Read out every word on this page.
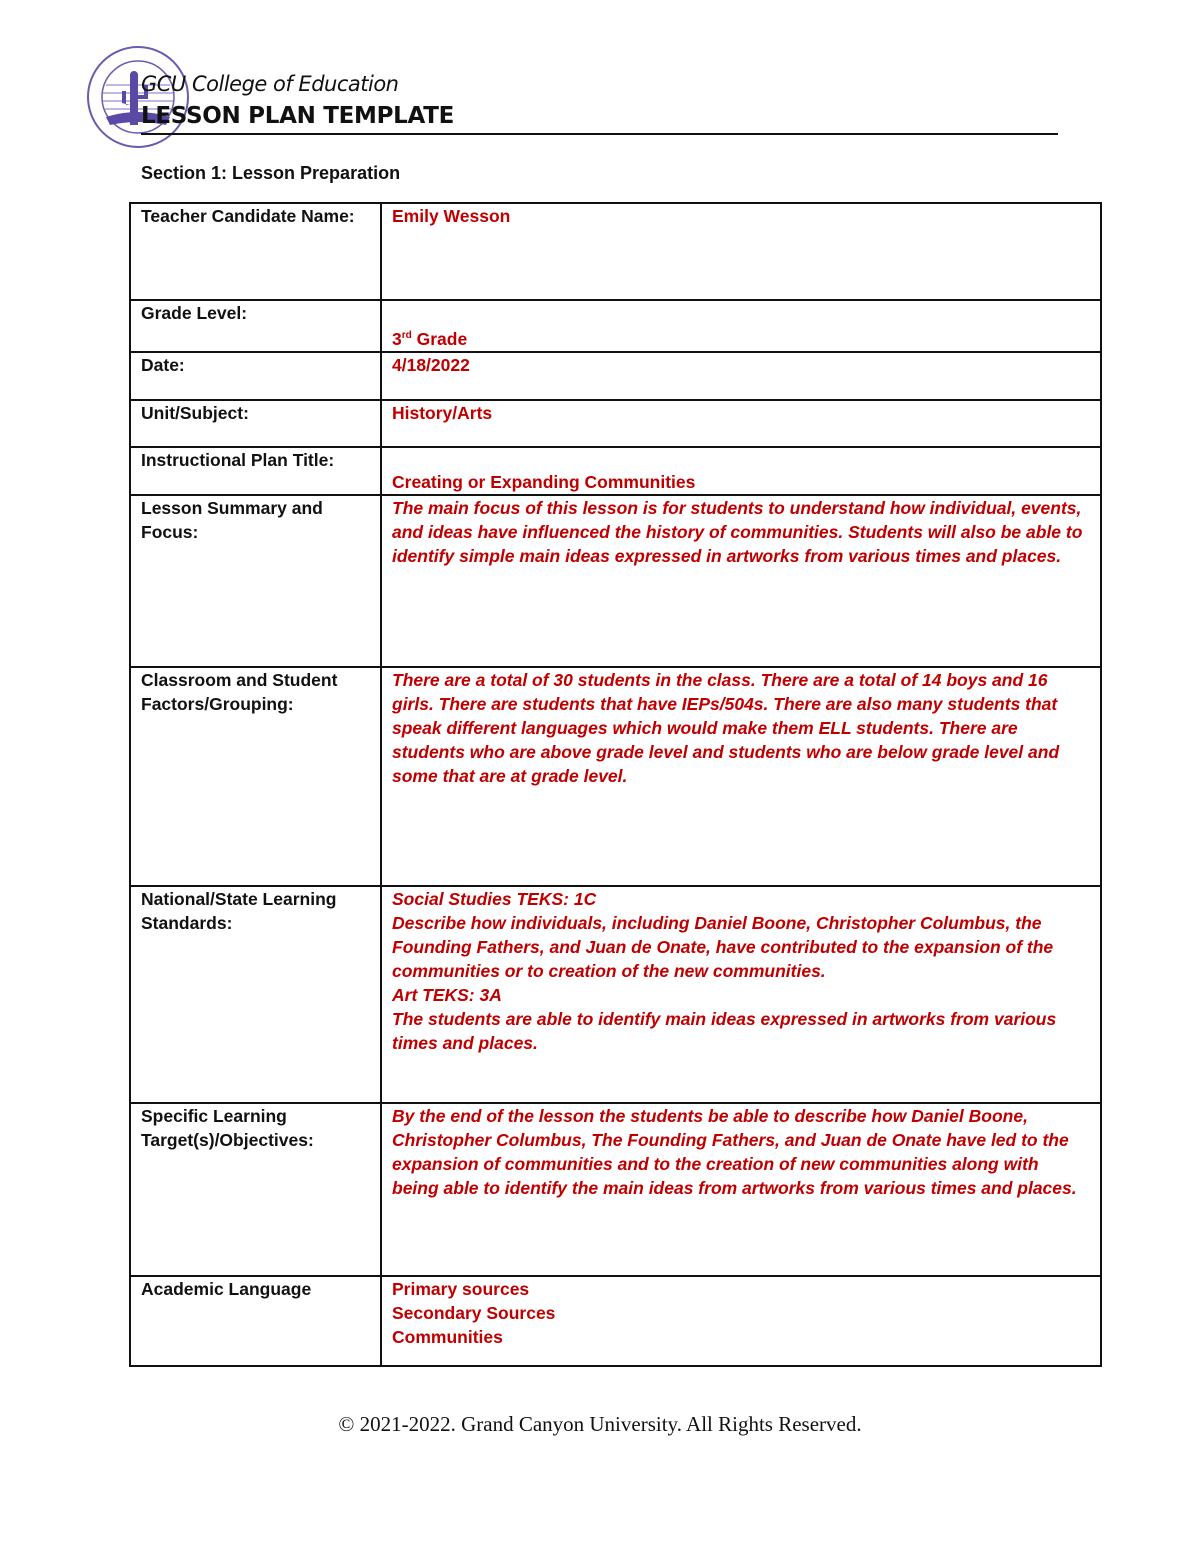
GCU College of Education
LESSON PLAN TEMPLATE
Section 1: Lesson Preparation
Teacher Candidate Name:	Emily Wesson
Grade Level:	3rd Grade
Date:	4/18/2022
Unit/Subject:	History/Arts
Instructional Plan Title:	Creating or Expanding Communities
Lesson Summary and Focus:	The main focus of this lesson is for students to understand how individual, events, and ideas have influenced the history of communities. Students will also be able to identify simple main ideas expressed in artworks from various times and places.
Classroom and Student Factors/Grouping:	There are a total of 30 students in the class. There are a total of 14 boys and 16 girls. There are students that have IEPs/504s. There are also many students that speak different languages which would make them ELL students. There are students who are above grade level and students who are below grade level and some that are at grade level.
National/State Learning Standards:	Social Studies TEKS: 1C
Describe how individuals, including Daniel Boone, Christopher Columbus, the Founding Fathers, and Juan de Onate, have contributed to the expansion of the communities or to creation of the new communities.
Art TEKS: 3A
The students are able to identify main ideas expressed in artworks from various times and places.

Specific Learning Target(s)/Objectives:	By the end of the lesson the students be able to describe how Daniel Boone, Christopher Columbus, The Founding Fathers, and Juan de Onate have led to the expansion of communities and to the creation of new communities along with being able to identify the main ideas from artworks from various times and places.
Academic Language	Primary sources
Secondary Sources
Communities
© 2021-2022. Grand Canyon University. All Rights Reserved.
